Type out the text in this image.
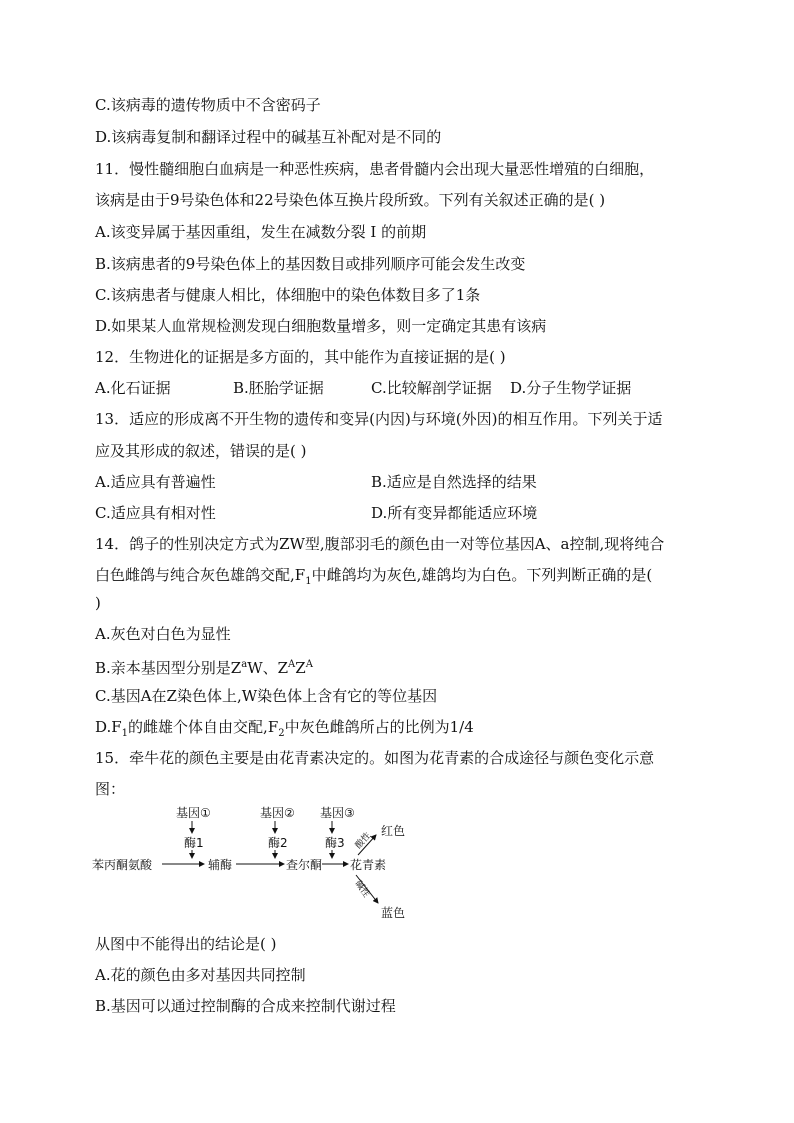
C.该病毒的遗传物质中不含密码子
D.该病毒复制和翻译过程中的碱基互补配对是不同的
11．慢性髓细胞白血病是一种恶性疾病，患者骨髓内会出现大量恶性增殖的白细胞，
该病是由于9号染色体和22号染色体互换片段所致。下列有关叙述正确的是( )
A.该变异属于基因重组，发生在减数分裂 I 的前期
B.该病患者的9号染色体上的基因数目或排列顺序可能会发生改变
C.该病患者与健康人相比，体细胞中的染色体数目多了1条
D.如果某人血常规检测发现白细胞数量增多，则一定确定其患有该病
12．生物进化的证据是多方面的，其中能作为直接证据的是( )
A.化石证据	B.胚胎学证据	C.比较解剖学证据 D.分子生物学证据
13．适应的形成离不开生物的遗传和变异(内因)与环境(外因)的相互作用。下列关于适
应及其形成的叙述，错误的是( )
A.适应具有普遍性	B.适应是自然选择的结果
C.适应具有相对性	D.所有变异都能适应环境
14．鸽子的性别决定方式为ZW型,腹部羽毛的颜色由一对等位基因A、a控制,现将纯合
白色雌鸽与纯合灰色雄鸽交配$,F_1$中雌鸽均为灰色,雄鸽均为白色。下列判断正确的是(
)
A.灰色对白色为显性
B.亲本基因型分别是$Z^aW$、$Z^AZ^A$
C.基因A在Z染色体上,W染色体上含有它的等位基因
$D.F_1$的雌雄个体自由交配$,F_2$中灰色雌鸽所占的比例为1/4
15．牵牛花的颜色主要是由花青素决定的。如图为花青素的合成途径与颜色变化示意
图：
基因①
酶1
基因②
酶2
基因③
酶3
苯丙酮氨酸	辅酶	查尔酮 花青素
酸性 红色
碱性
蓝色
从图中不能得出的结论是( )
A.花的颜色由多对基因共同控制
B.基因可以通过控制酶的合成来控制代谢过程
